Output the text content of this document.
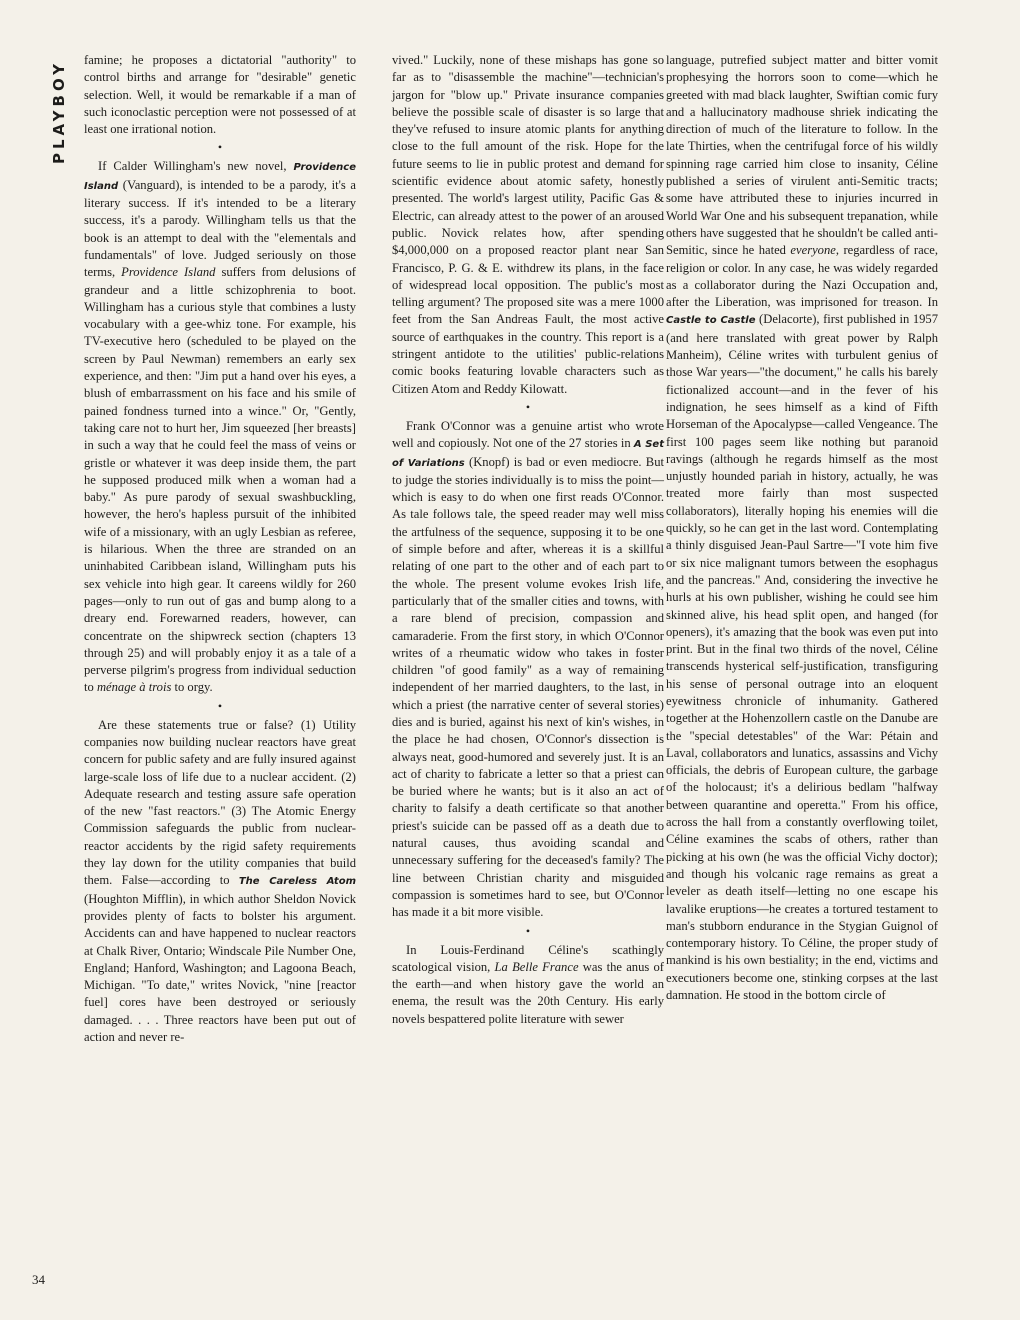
PLAYBOY
34

famine; he proposes a dictatorial "authority" to control births and arrange for "desirable" genetic selection. Well, it would be remarkable if a man of such iconoclastic perception were not possessed of at least one irrational notion.

•

If Calder Willingham's new novel, Providence Island (Vanguard), is intended to be a parody, it's a literary success. If it's intended to be a literary success, it's a parody. Willingham tells us that the book is an attempt to deal with the "elementals and fundamentals" of love. Judged seriously on those terms, Providence Island suffers from delusions of grandeur and a little schizophrenia to boot. Willingham has a curious style that combines a lusty vocabulary with a gee-whiz tone. For example, his TV-executive hero (scheduled to be played on the screen by Paul Newman) remembers an early sex experience, and then: "Jim put a hand over his eyes, a blush of embarrassment on his face and his smile of pained fondness turned into a wince." Or, "Gently, taking care not to hurt her, Jim squeezed [her breasts] in such a way that he could feel the mass of veins or gristle or whatever it was deep inside them, the part he supposed produced milk when a woman had a baby." As pure parody of sexual swashbuckling, however, the hero's hapless pursuit of the inhibited wife of a missionary, with an ugly Lesbian as referee, is hilarious. When the three are stranded on an uninhabited Caribbean island, Willingham puts his sex vehicle into high gear. It careens wildly for 260 pages—only to run out of gas and bump along to a dreary end. Forewarned readers, however, can concentrate on the shipwreck section (chapters 13 through 25) and will probably enjoy it as a tale of a perverse pilgrim's progress from individual seduction to ménage à trois to orgy.

•

Are these statements true or false? (1) Utility companies now building nuclear reactors have great concern for public safety and are fully insured against large-scale loss of life due to a nuclear accident. (2) Adequate research and testing assure safe operation of the new "fast reactors." (3) The Atomic Energy Commission safeguards the public from nuclear-reactor accidents by the rigid safety requirements they lay down for the utility companies that build them. False—according to The Careless Atom (Houghton Mifflin), in which author Sheldon Novick provides plenty of facts to bolster his argument. Accidents can and have happened to nuclear reactors at Chalk River, Ontario; Windscale Pile Number One, England; Hanford, Washington; and Lagoona Beach, Michigan. "To date," writes Novick, "nine [reactor fuel] cores have been destroyed or seriously damaged. . . . Three reactors have been put out of action and never re-

vived." Luckily, none of these mishaps has gone so far as to "disassemble the machine"—technician's jargon for "blow up." Private insurance companies believe the possible scale of disaster is so large that they've refused to insure atomic plants for anything close to the full amount of the risk. Hope for the future seems to lie in public protest and demand for scientific evidence about atomic safety, honestly presented. The world's largest utility, Pacific Gas & Electric, can already attest to the power of an aroused public. Novick relates how, after spending $4,000,000 on a proposed reactor plant near San Francisco, P. G. & E. withdrew its plans, in the face of widespread local opposition. The public's most telling argument? The proposed site was a mere 1000 feet from the San Andreas Fault, the most active source of earthquakes in the country. This report is a stringent antidote to the utilities' public-relations comic books featuring lovable characters such as Citizen Atom and Reddy Kilowatt.

•

Frank O'Connor was a genuine artist who wrote well and copiously. Not one of the 27 stories in A Set of Variations (Knopf) is bad or even mediocre. But to judge the stories individually is to miss the point—which is easy to do when one first reads O'Connor. As tale follows tale, the speed reader may well miss the artfulness of the sequence, supposing it to be one of simple before and after, whereas it is a skillful relating of one part to the other and of each part to the whole. The present volume evokes Irish life, particularly that of the smaller cities and towns, with a rare blend of precision, compassion and camaraderie. From the first story, in which O'Connor writes of a rheumatic widow who takes in foster children "of good family" as a way of remaining independent of her married daughters, to the last, in which a priest (the narrative center of several stories) dies and is buried, against his next of kin's wishes, in the place he had chosen, O'Connor's dissection is always neat, good-humored and severely just. It is an act of charity to fabricate a letter so that a priest can be buried where he wants; but is it also an act of charity to falsify a death certificate so that another priest's suicide can be passed off as a death due to natural causes, thus avoiding scandal and unnecessary suffering for the deceased's family? The line between Christian charity and misguided compassion is sometimes hard to see, but O'Connor has made it a bit more visible.

•

In Louis-Ferdinand Céline's scathingly scatological vision, La Belle France was the anus of the earth—and when history gave the world an enema, the result was the 20th Century. His early novels bespattered polite literature with sewer

language, putrefied subject matter and bitter vomit prophesying the horrors soon to come—which he greeted with mad black laughter, Swiftian comic fury and a hallucinatory madhouse shriek indicating the direction of much of the literature to follow. In the late Thirties, when the centrifugal force of his wildly spinning rage carried him close to insanity, Céline published a series of virulent anti-Semitic tracts; some have attributed these to injuries incurred in World War One and his subsequent trepanation, while others have suggested that he shouldn't be called anti-Semitic, since he hated everyone, regardless of race, religion or color. In any case, he was widely regarded as a collaborator during the Nazi Occupation and, after the Liberation, was imprisoned for treason. In Castle to Castle (Delacorte), first published in 1957 (and here translated with great power by Ralph Manheim), Céline writes with turbulent genius of those War years—"the document," he calls his barely fictionalized account—and in the fever of his indignation, he sees himself as a kind of Fifth Horseman of the Apocalypse—called Vengeance. The first 100 pages seem like nothing but paranoid ravings (although he regards himself as the most unjustly hounded pariah in history, actually, he was treated more fairly than most suspected collaborators), literally hoping his enemies will die quickly, so he can get in the last word. Contemplating a thinly disguised Jean-Paul Sartre—"I vote him five or six nice malignant tumors between the esophagus and the pancreas." And, considering the invective he hurls at his own publisher, wishing he could see him skinned alive, his head split open, and hanged (for openers), it's amazing that the book was even put into print. But in the final two thirds of the novel, Céline transcends hysterical self-justification, transfiguring his sense of personal outrage into an eloquent eyewitness chronicle of inhumanity. Gathered together at the Hohenzollern castle on the Danube are the "special detestables" of the War: Pétain and Laval, collaborators and lunatics, assassins and Vichy officials, the debris of European culture, the garbage of the holocaust; it's a delirious bedlam "halfway between quarantine and operetta." From his office, across the hall from a constantly overflowing toilet, Céline examines the scabs of others, rather than picking at his own (he was the official Vichy doctor); and though his volcanic rage remains as great a leveler as death itself—letting no one escape his lavalike eruptions—he creates a tortured testament to man's stubborn endurance in the Stygian Guignol of contemporary history. To Céline, the proper study of mankind is his own bestiality; in the end, victims and executioners become one, stinking corpses at the last damnation. He stood in the bottom circle of
